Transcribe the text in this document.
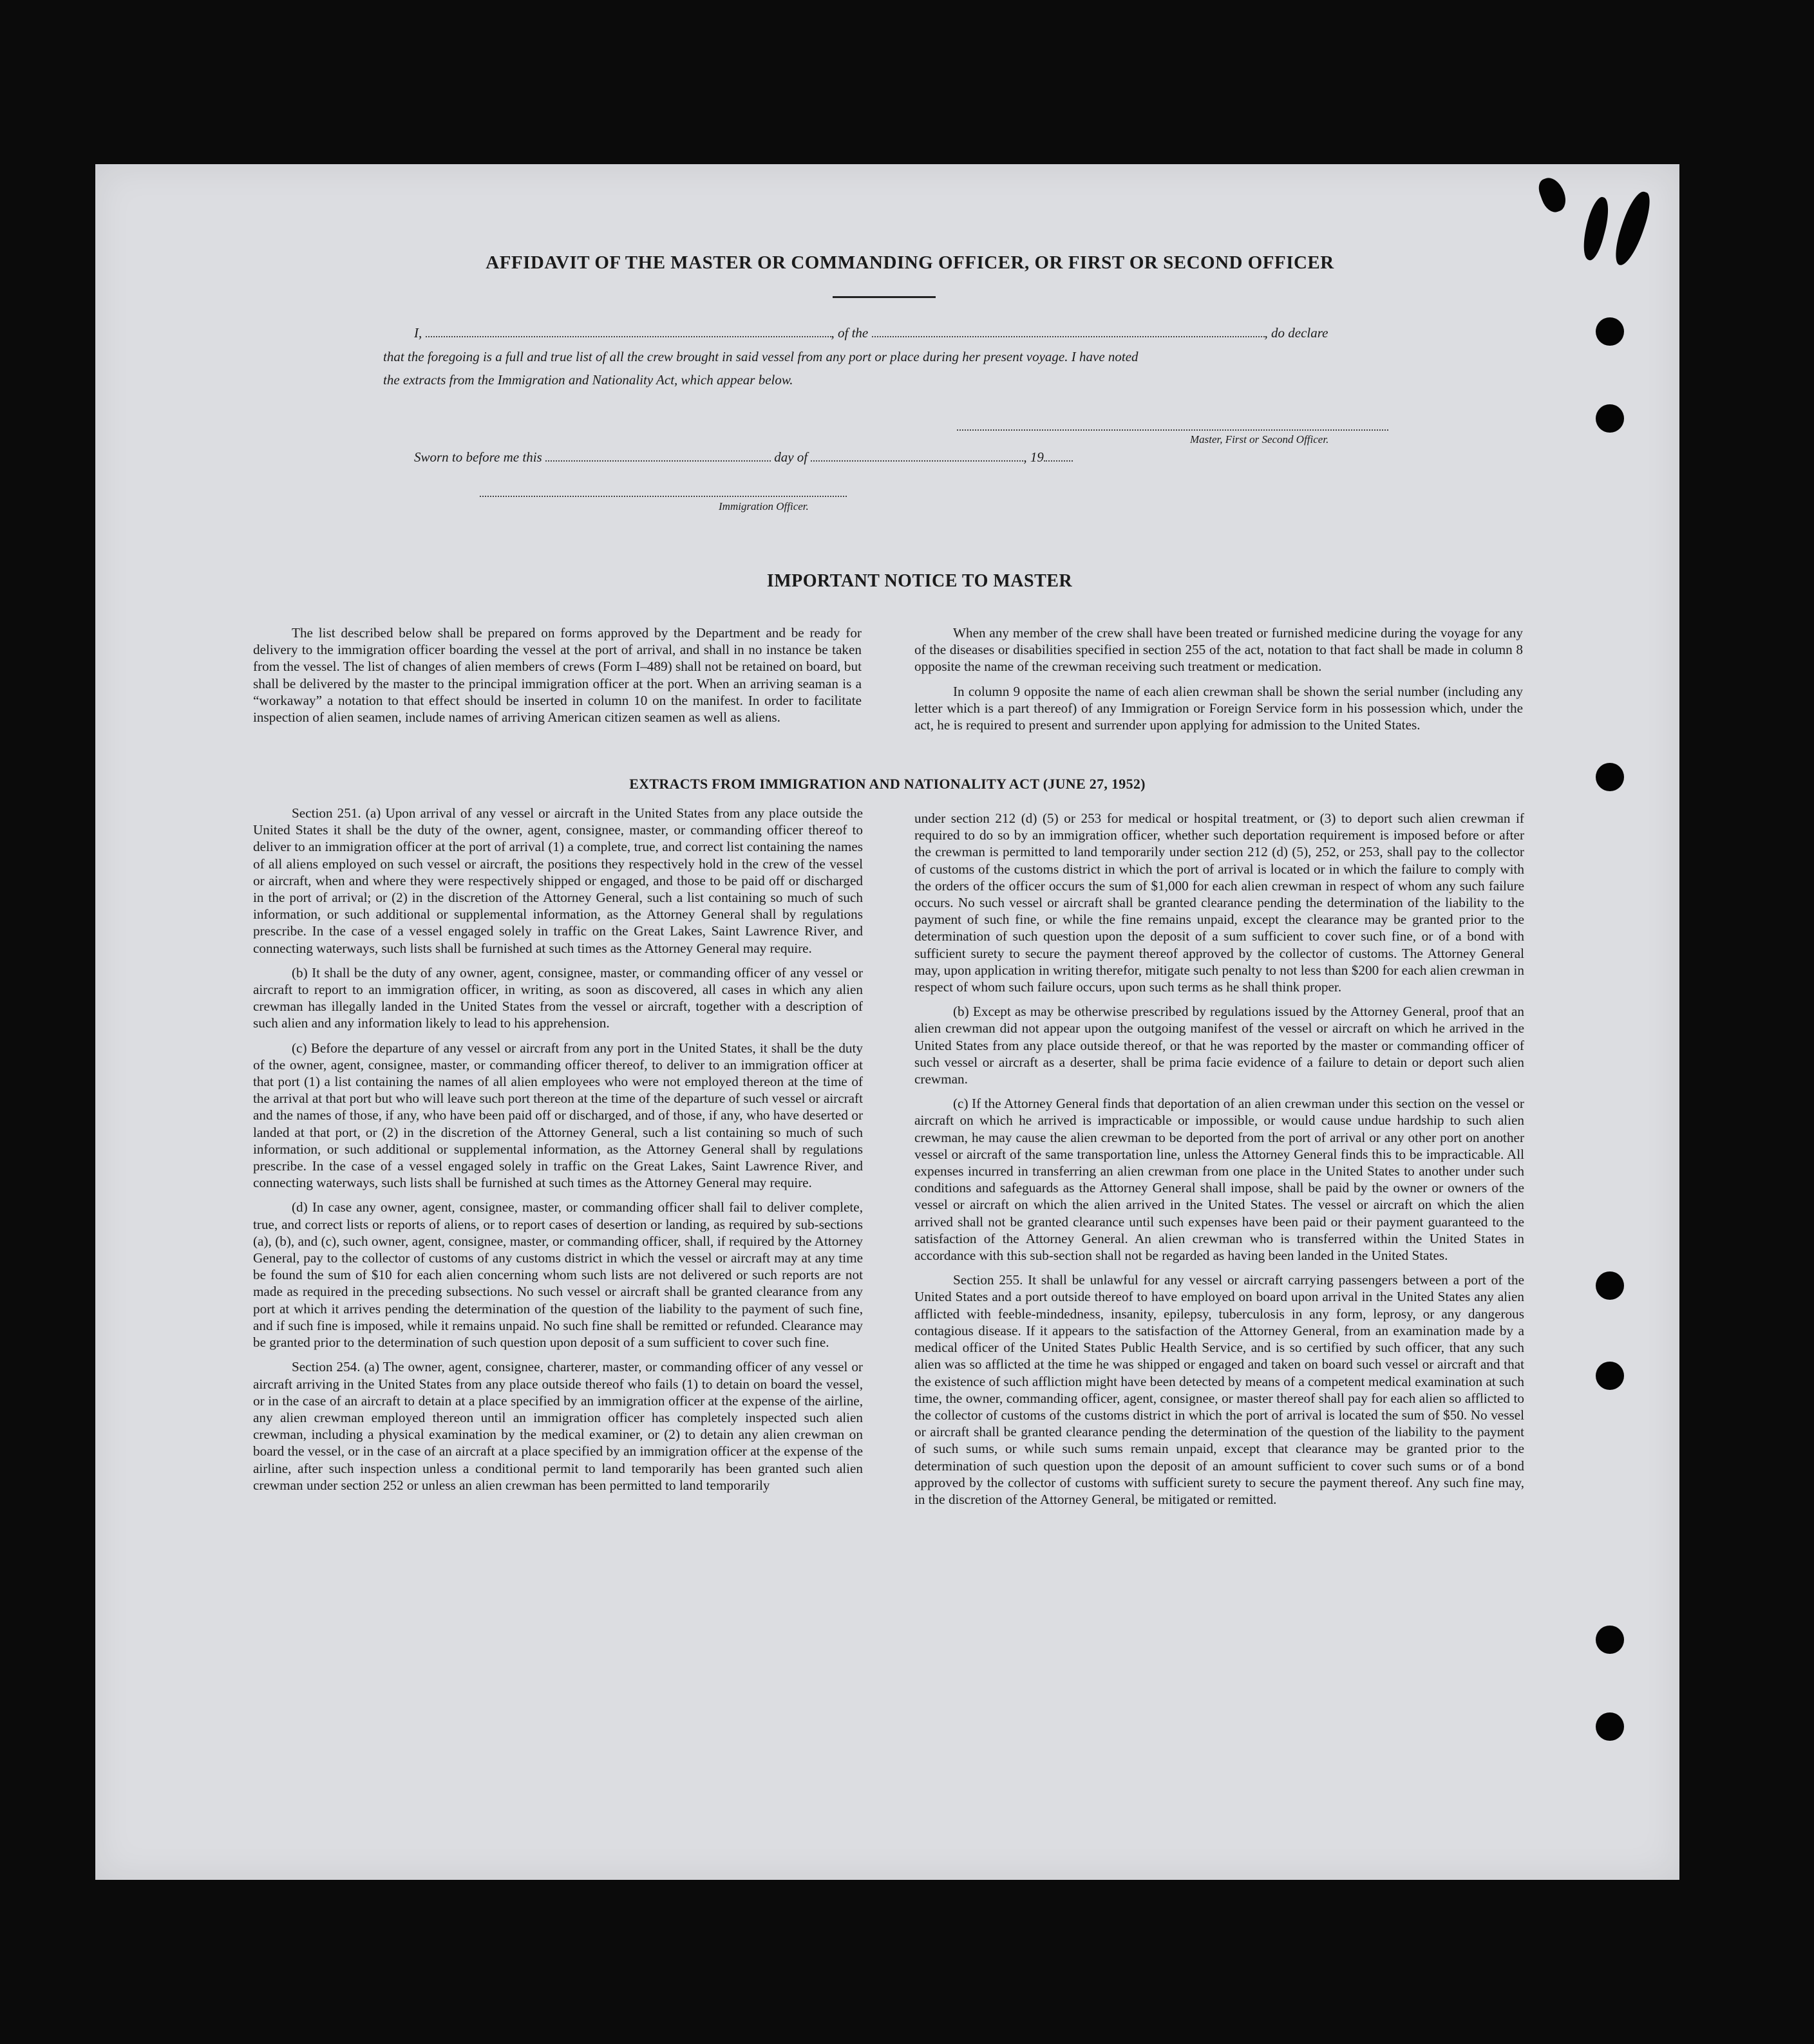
AFFIDAVIT OF THE MASTER OR COMMANDING OFFICER, OR FIRST OR SECOND OFFICER
I,	, of the	, do declare
that the foregoing is a full and true list of all the crew brought in said vessel from any port or place during her present voyage. I have noted
the extracts from the Immigration and Nationality Act, which appear below.
Master, First or Second Officer.
Sworn to before me this	day of	, 19
Immigration Officer.
IMPORTANT NOTICE TO MASTER

The list described below shall be prepared on forms approved by the Department and be ready for delivery to the immigration officer boarding the vessel at the port of arrival, and shall in no instance be taken from the vessel. The list of changes of alien members of crews (Form I–489) shall not be retained on board, but shall be delivered by the master to the principal immigration officer at the port. When an arriving seaman is a “workaway” a notation to that effect should be inserted in column 10 on the manifest. In order to facilitate inspection of alien seamen, include names of arriving American citizen seamen as well as aliens.

When any member of the crew shall have been treated or furnished medicine during the voyage for any of the diseases or disabilities specified in section 255 of the act, notation to that fact shall be made in column 8 opposite the name of the crewman receiving such treatment or medication.

In column 9 opposite the name of each alien crewman shall be shown the serial number (including any letter which is a part thereof) of any Immigration or Foreign Service form in his possession which, under the act, he is required to present and surrender upon applying for admission to the United States.

EXTRACTS FROM IMMIGRATION AND NATIONALITY ACT (JUNE 27, 1952)

Section 251. (a) Upon arrival of any vessel or aircraft in the United States from any place outside the United States it shall be the duty of the owner, agent, consignee, master, or commanding officer thereof to deliver to an immigration officer at the port of arrival (1) a complete, true, and correct list containing the names of all aliens employed on such vessel or aircraft, the positions they respectively hold in the crew of the vessel or aircraft, when and where they were respectively shipped or engaged, and those to be paid off or discharged in the port of arrival; or (2) in the discretion of the Attorney General, such a list containing so much of such information, or such additional or supplemental information, as the Attorney General shall by regulations prescribe. In the case of a vessel engaged solely in traffic on the Great Lakes, Saint Lawrence River, and connecting waterways, such lists shall be furnished at such times as the Attorney General may require.

(b) It shall be the duty of any owner, agent, consignee, master, or commanding officer of any vessel or aircraft to report to an immigration officer, in writing, as soon as discovered, all cases in which any alien crewman has illegally landed in the United States from the vessel or aircraft, together with a description of such alien and any information likely to lead to his apprehension.

(c) Before the departure of any vessel or aircraft from any port in the United States, it shall be the duty of the owner, agent, consignee, master, or commanding officer thereof, to deliver to an immigration officer at that port (1) a list containing the names of all alien employees who were not employed thereon at the time of the arrival at that port but who will leave such port thereon at the time of the departure of such vessel or aircraft and the names of those, if any, who have been paid off or discharged, and of those, if any, who have deserted or landed at that port, or (2) in the discretion of the Attorney General, such a list containing so much of such information, or such additional or supplemental information, as the Attorney General shall by regulations prescribe. In the case of a vessel engaged solely in traffic on the Great Lakes, Saint Lawrence River, and connecting waterways, such lists shall be furnished at such times as the Attorney General may require.

(d) In case any owner, agent, consignee, master, or commanding officer shall fail to deliver complete, true, and correct lists or reports of aliens, or to report cases of desertion or landing, as required by sub-sections (a), (b), and (c), such owner, agent, consignee, master, or commanding officer, shall, if required by the Attorney General, pay to the collector of customs of any customs district in which the vessel or aircraft may at any time be found the sum of $10 for each alien concerning whom such lists are not delivered or such reports are not made as required in the preceding subsections. No such vessel or aircraft shall be granted clearance from any port at which it arrives pending the determination of the question of the liability to the payment of such fine, and if such fine is imposed, while it remains unpaid. No such fine shall be remitted or refunded. Clearance may be granted prior to the determination of such question upon deposit of a sum sufficient to cover such fine.

Section 254. (a) The owner, agent, consignee, charterer, master, or commanding officer of any vessel or aircraft arriving in the United States from any place outside thereof who fails (1) to detain on board the vessel, or in the case of an aircraft to detain at a place specified by an immigration officer at the expense of the airline, any alien crewman employed thereon until an immigration officer has completely inspected such alien crewman, including a physical examination by the medical examiner, or (2) to detain any alien crewman on board the vessel, or in the case of an aircraft at a place specified by an immigration officer at the expense of the airline, after such inspection unless a conditional permit to land temporarily has been granted such alien crewman under section 252 or unless an alien crewman has been permitted to land temporarily

under section 212 (d) (5) or 253 for medical or hospital treatment, or (3) to deport such alien crewman if required to do so by an immigration officer, whether such deportation requirement is imposed before or after the crewman is permitted to land temporarily under section 212 (d) (5), 252, or 253, shall pay to the collector of customs of the customs district in which the port of arrival is located or in which the failure to comply with the orders of the officer occurs the sum of $1,000 for each alien crewman in respect of whom any such failure occurs. No such vessel or aircraft shall be granted clearance pending the determination of the liability to the payment of such fine, or while the fine remains unpaid, except the clearance may be granted prior to the determination of such question upon the deposit of a sum sufficient to cover such fine, or of a bond with sufficient surety to secure the payment thereof approved by the collector of customs. The Attorney General may, upon application in writing therefor, mitigate such penalty to not less than $200 for each alien crewman in respect of whom such failure occurs, upon such terms as he shall think proper.

(b) Except as may be otherwise prescribed by regulations issued by the Attorney General, proof that an alien crewman did not appear upon the outgoing manifest of the vessel or aircraft on which he arrived in the United States from any place outside thereof, or that he was reported by the master or commanding officer of such vessel or aircraft as a deserter, shall be prima facie evidence of a failure to detain or deport such alien crewman.

(c) If the Attorney General finds that deportation of an alien crewman under this section on the vessel or aircraft on which he arrived is impracticable or impossible, or would cause undue hardship to such alien crewman, he may cause the alien crewman to be deported from the port of arrival or any other port on another vessel or aircraft of the same transportation line, unless the Attorney General finds this to be impracticable. All expenses incurred in transferring an alien crewman from one place in the United States to another under such conditions and safeguards as the Attorney General shall impose, shall be paid by the owner or owners of the vessel or aircraft on which the alien arrived in the United States. The vessel or aircraft on which the alien arrived shall not be granted clearance until such expenses have been paid or their payment guaranteed to the satisfaction of the Attorney General. An alien crewman who is transferred within the United States in accordance with this sub-section shall not be regarded as having been landed in the United States.

Section 255. It shall be unlawful for any vessel or aircraft carrying passengers between a port of the United States and a port outside thereof to have employed on board upon arrival in the United States any alien afflicted with feeble-mindedness, insanity, epilepsy, tuberculosis in any form, leprosy, or any dangerous contagious disease. If it appears to the satisfaction of the Attorney General, from an examination made by a medical officer of the United States Public Health Service, and is so certified by such officer, that any such alien was so afflicted at the time he was shipped or engaged and taken on board such vessel or aircraft and that the existence of such affliction might have been detected by means of a competent medical examination at such time, the owner, commanding officer, agent, consignee, or master thereof shall pay for each alien so afflicted to the collector of customs of the customs district in which the port of arrival is located the sum of $50. No vessel or aircraft shall be granted clearance pending the determination of the question of the liability to the payment of such sums, or while such sums remain unpaid, except that clearance may be granted prior to the determination of such question upon the deposit of an amount sufficient to cover such sums or of a bond approved by the collector of customs with sufficient surety to secure the payment thereof. Any such fine may, in the discretion of the Attorney General, be mitigated or remitted.
